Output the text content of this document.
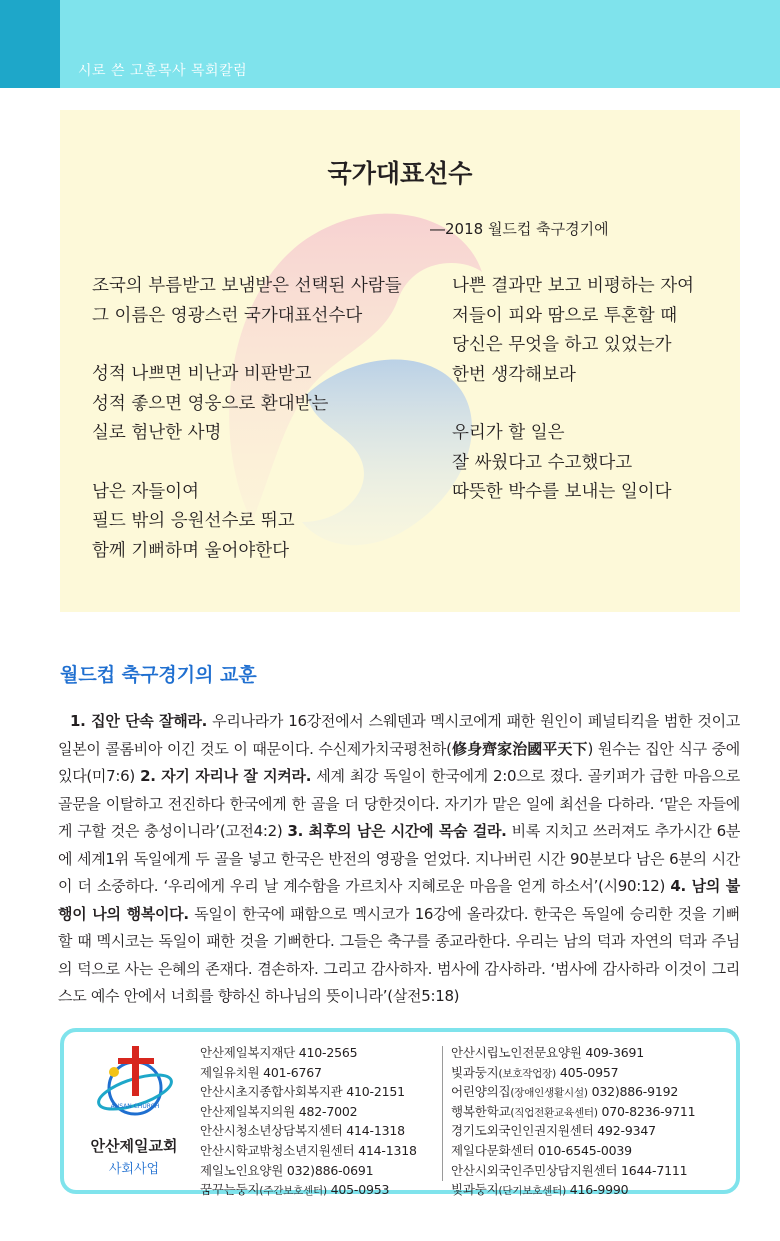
시로 쓴 고훈목사 목회칼럼
국가대표선수
―2018 월드컵 축구경기에
조국의 부름받고 보냄받은 선택된 사람들
그 이름은 영광스런 국가대표선수다
성적 나쁘면 비난과 비판받고
성적 좋으면 영웅으로 환대받는
실로 험난한 사명
남은 자들이여
필드 밖의 응원선수로 뛰고
함께 기뻐하며 울어야한다
나쁜 결과만 보고 비평하는 자여
저들이 피와 땀으로 투혼할 때
당신은 무엇을 하고 있었는가
한번 생각해보라
우리가 할 일은
잘 싸웠다고 수고했다고
따뜻한 박수를 보내는 일이다
월드컵 축구경기의 교훈
1. 집안 단속 잘해라. 우리나라가 16강전에서 스웨덴과 멕시코에게 패한 원인이 페널티킥을 범한 것이고 일본이 콜롬비아 이긴 것도 이 때문이다. 수신제가치국평천하(修身齊家治國平天下) 원수는 집안 식구 중에 있다(미7:6) 2. 자기 자리나 잘 지켜라. 세계 최강 독일이 한국에게 2:0으로 졌다. 골키퍼가 급한 마음으로 골문을 이탈하고 전진하다 한국에게 한 골을 더 당한것이다. 자기가 맡은 일에 최선을 다하라. ‘맡은 자들에게 구할 것은 충성이니라’(고전4:2) 3. 최후의 남은 시간에 목숨 걸라. 비록 지치고 쓰러져도 추가시간 6분에 세계1위 독일에게 두 골을 넣고 한국은 반전의 영광을 얻었다. 지나버린 시간 90분보다 남은 6분의 시간이 더 소중하다. ‘우리에게 우리 날 계수함을 가르치사 지혜로운 마음을 얻게 하소서’(시90:12) 4. 남의 불행이 나의 행복이다. 독일이 한국에 패함으로 멕시코가 16강에 올라갔다. 한국은 독일에 승리한 것을 기뻐할 때 멕시코는 독일이 패한 것을 기뻐한다. 그들은 축구를 종교라한다. 우리는 남의 덕과 자연의 덕과 주님의 덕으로 사는 은혜의 존재다. 겸손하자. 그리고 감사하자. 범사에 감사하라. ‘범사에 감사하라 이것이 그리스도 예수 안에서 너희를 향하신 하나님의 뜻이니라’(살전5:18)
ANSAN CHURCH
안산제일교회
사회사업
안산제일복지재단 410-2565
제일유치원 401-6767
안산시초지종합사회복지관 410-2151
안산제일복지의원 482-7002
안산시청소년상담복지센터 414-1318
안산시학교밖청소년지원센터 414-1318
제일노인요양원 032)886-0691
꿈꾸는둥지(주간보호센터) 405-0953
안산시립노인전문요양원 409-3691
빛과둥지(보호작업장) 405-0957
어린양의집(장애인생활시설) 032)886-9192
행복한학교(직업전환교육센터) 070-8236-9711
경기도외국인인권지원센터 492-9347
제일다문화센터 010-6545-0039
안산시외국인주민상담지원센터 1644-7111
빛과둥지(단기보호센터) 416-9990
